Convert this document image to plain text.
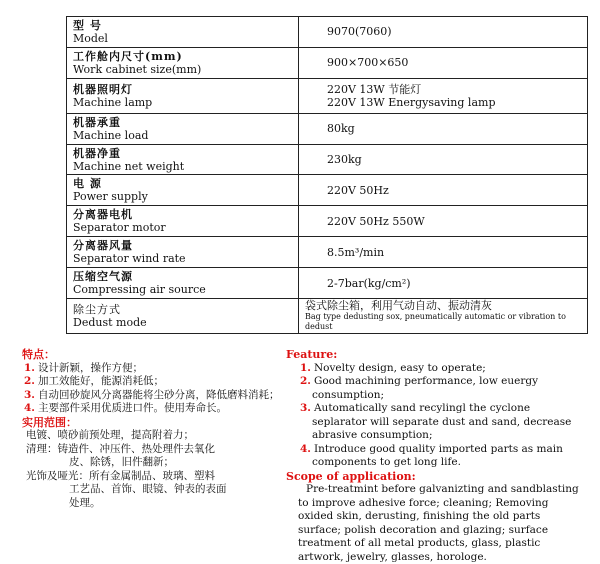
型 号
Model	9070(7060)

工作舱内尺寸(mm)
Work cabinet size(mm)	900×700×650

机器照明灯
Machine lamp	220V 13W 节能灯
220V 13W Energysaving lamp

机器承重
Machine load	80kg

机器净重
Machine net weight	230kg

电 源
Power supply	220V 50Hz

分离器电机
Separator motor	220V 50Hz 550W

分离器风量
Separator wind rate	8.5m³/min

压缩空气源
Compressing air source	2-7bar(kg/cm²)

除尘方式
Dedust mode	袋式除尘箱，利用气动自动、振动清灰
Bag type dedusting sox, pneumatically automatic or vibration to dedust
特点：
1. 设计新颖，操作方便；
2. 加工效能好，能源消耗低；
3. 自动回砂旋风分离器能将尘砂分离，降低磨料消耗；
4. 主要部件采用优质进口件。使用寿命长。
实用范围：
电镀、喷砂前预处理，提高附着力；
清理：铸造件、冲压件、热处理件去氧化
皮、除锈，旧件翻新；
光饰及哑光：所有金属制品、玻璃、塑料
工艺品、首饰、眼镜、钟表的表面
处理。
Feature:
1. Novelty design, easy to operate;
2. Good machining performance, low euergy consumption;
3. Automatically sand recylingl the cyclone seplarator will separate dust and sand, decrease abrasive consumption;
4. Introduce good quality imported parts as main components to get long life.
Scope of application:
Pre-treatmint before galvanizting and sandblasting to improve adhesive force; cleaning; Removing oxided skin, derusting, finishing the old parts surface; polish decoration and glazing; surface treatment of all metal products, glass, plastic artwork, jewelry, glasses, horologe.
